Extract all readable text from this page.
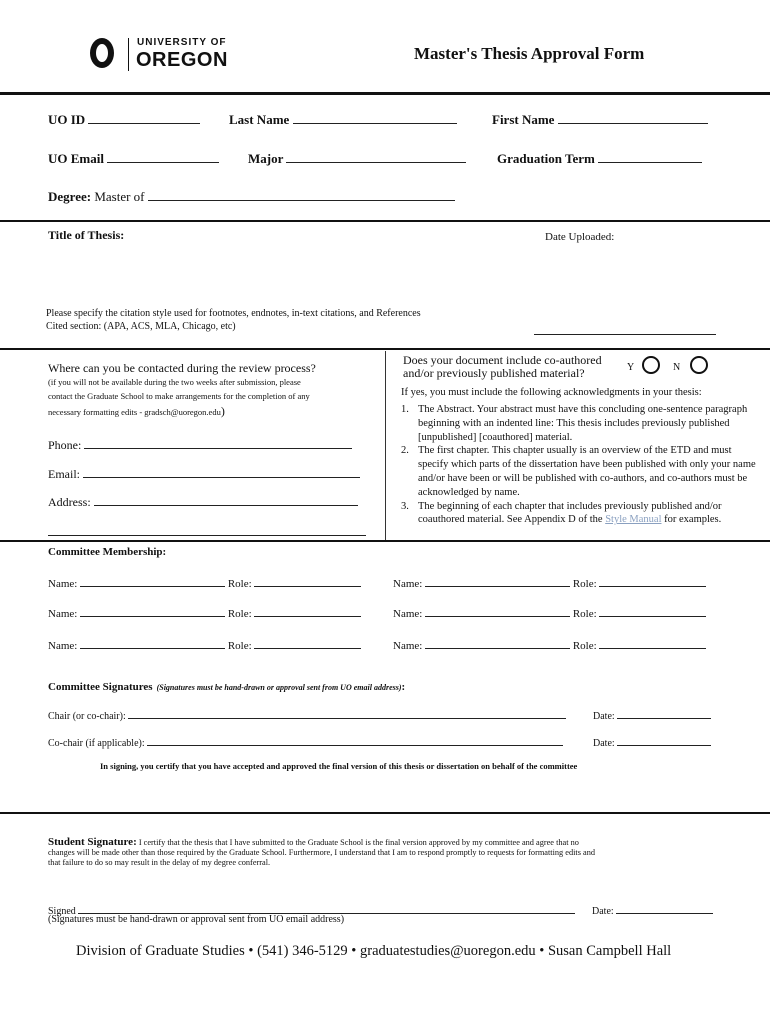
UNIVERSITY OF
OREGON	Master's Thesis Approval Form
UO ID	Last Name	First Name
UO Email	Major	Graduation Term
Degree: Master of
Title of Thesis:	Date Uploaded:
Please specify the citation style used for footnotes, endnotes, in-text citations, and References
Cited section: (APA, ACS, MLA, Chicago, etc)
Where can you be contacted during the review process?
(if you will not be available during the two weeks after submission, please
contact the Graduate School to make arrangements for the completion of any
necessary formatting edits - gradsch@uoregon.edu)
Phone:
Email:
Address:
Does your document include co-authored
and/or previously published material?	Y	N
If yes, you must include the following acknowledgments in your thesis:
1. The Abstract. Your abstract must have this concluding one-sentence paragraph beginning with an indented line: This thesis includes previously published [unpublished] [coauthored] material.
2. The first chapter. This chapter usually is an overview of the ETD and must specify which parts of the dissertation have been published with only your name and/or have been or will be published with co-authors, and co-authors must be acknowledged by name.
3. The beginning of each chapter that includes previously published and/or coauthored material. See Appendix D of the Style Manual for examples.
Committee Membership:
Name:	Role:	Name:	Role:
Name:	Role:	Name:	Role:
Name:	Role:	Name:	Role:
Committee Signatures (Signatures must be hand-drawn or approval sent from UO email address):
Chair (or co-chair):	Date:
Co-chair (if applicable):	Date:
In signing, you certify that you have accepted and approved the final version of this thesis or dissertation on behalf of the committee
Student Signature: I certify that the thesis that I have submitted to the Graduate School is the final version approved by my committee and agree that no
changes will be made other than those required by the Graduate School. Furthermore, I understand that I am to respond promptly to requests for formatting edits and
that failure to do so may result in the delay of my degree conferral.
Signed	Date:
(Signatures must be hand-drawn or approval sent from UO email address)
Division of Graduate Studies • (541) 346-5129 • graduatestudies@uoregon.edu • Susan Campbell Hall
